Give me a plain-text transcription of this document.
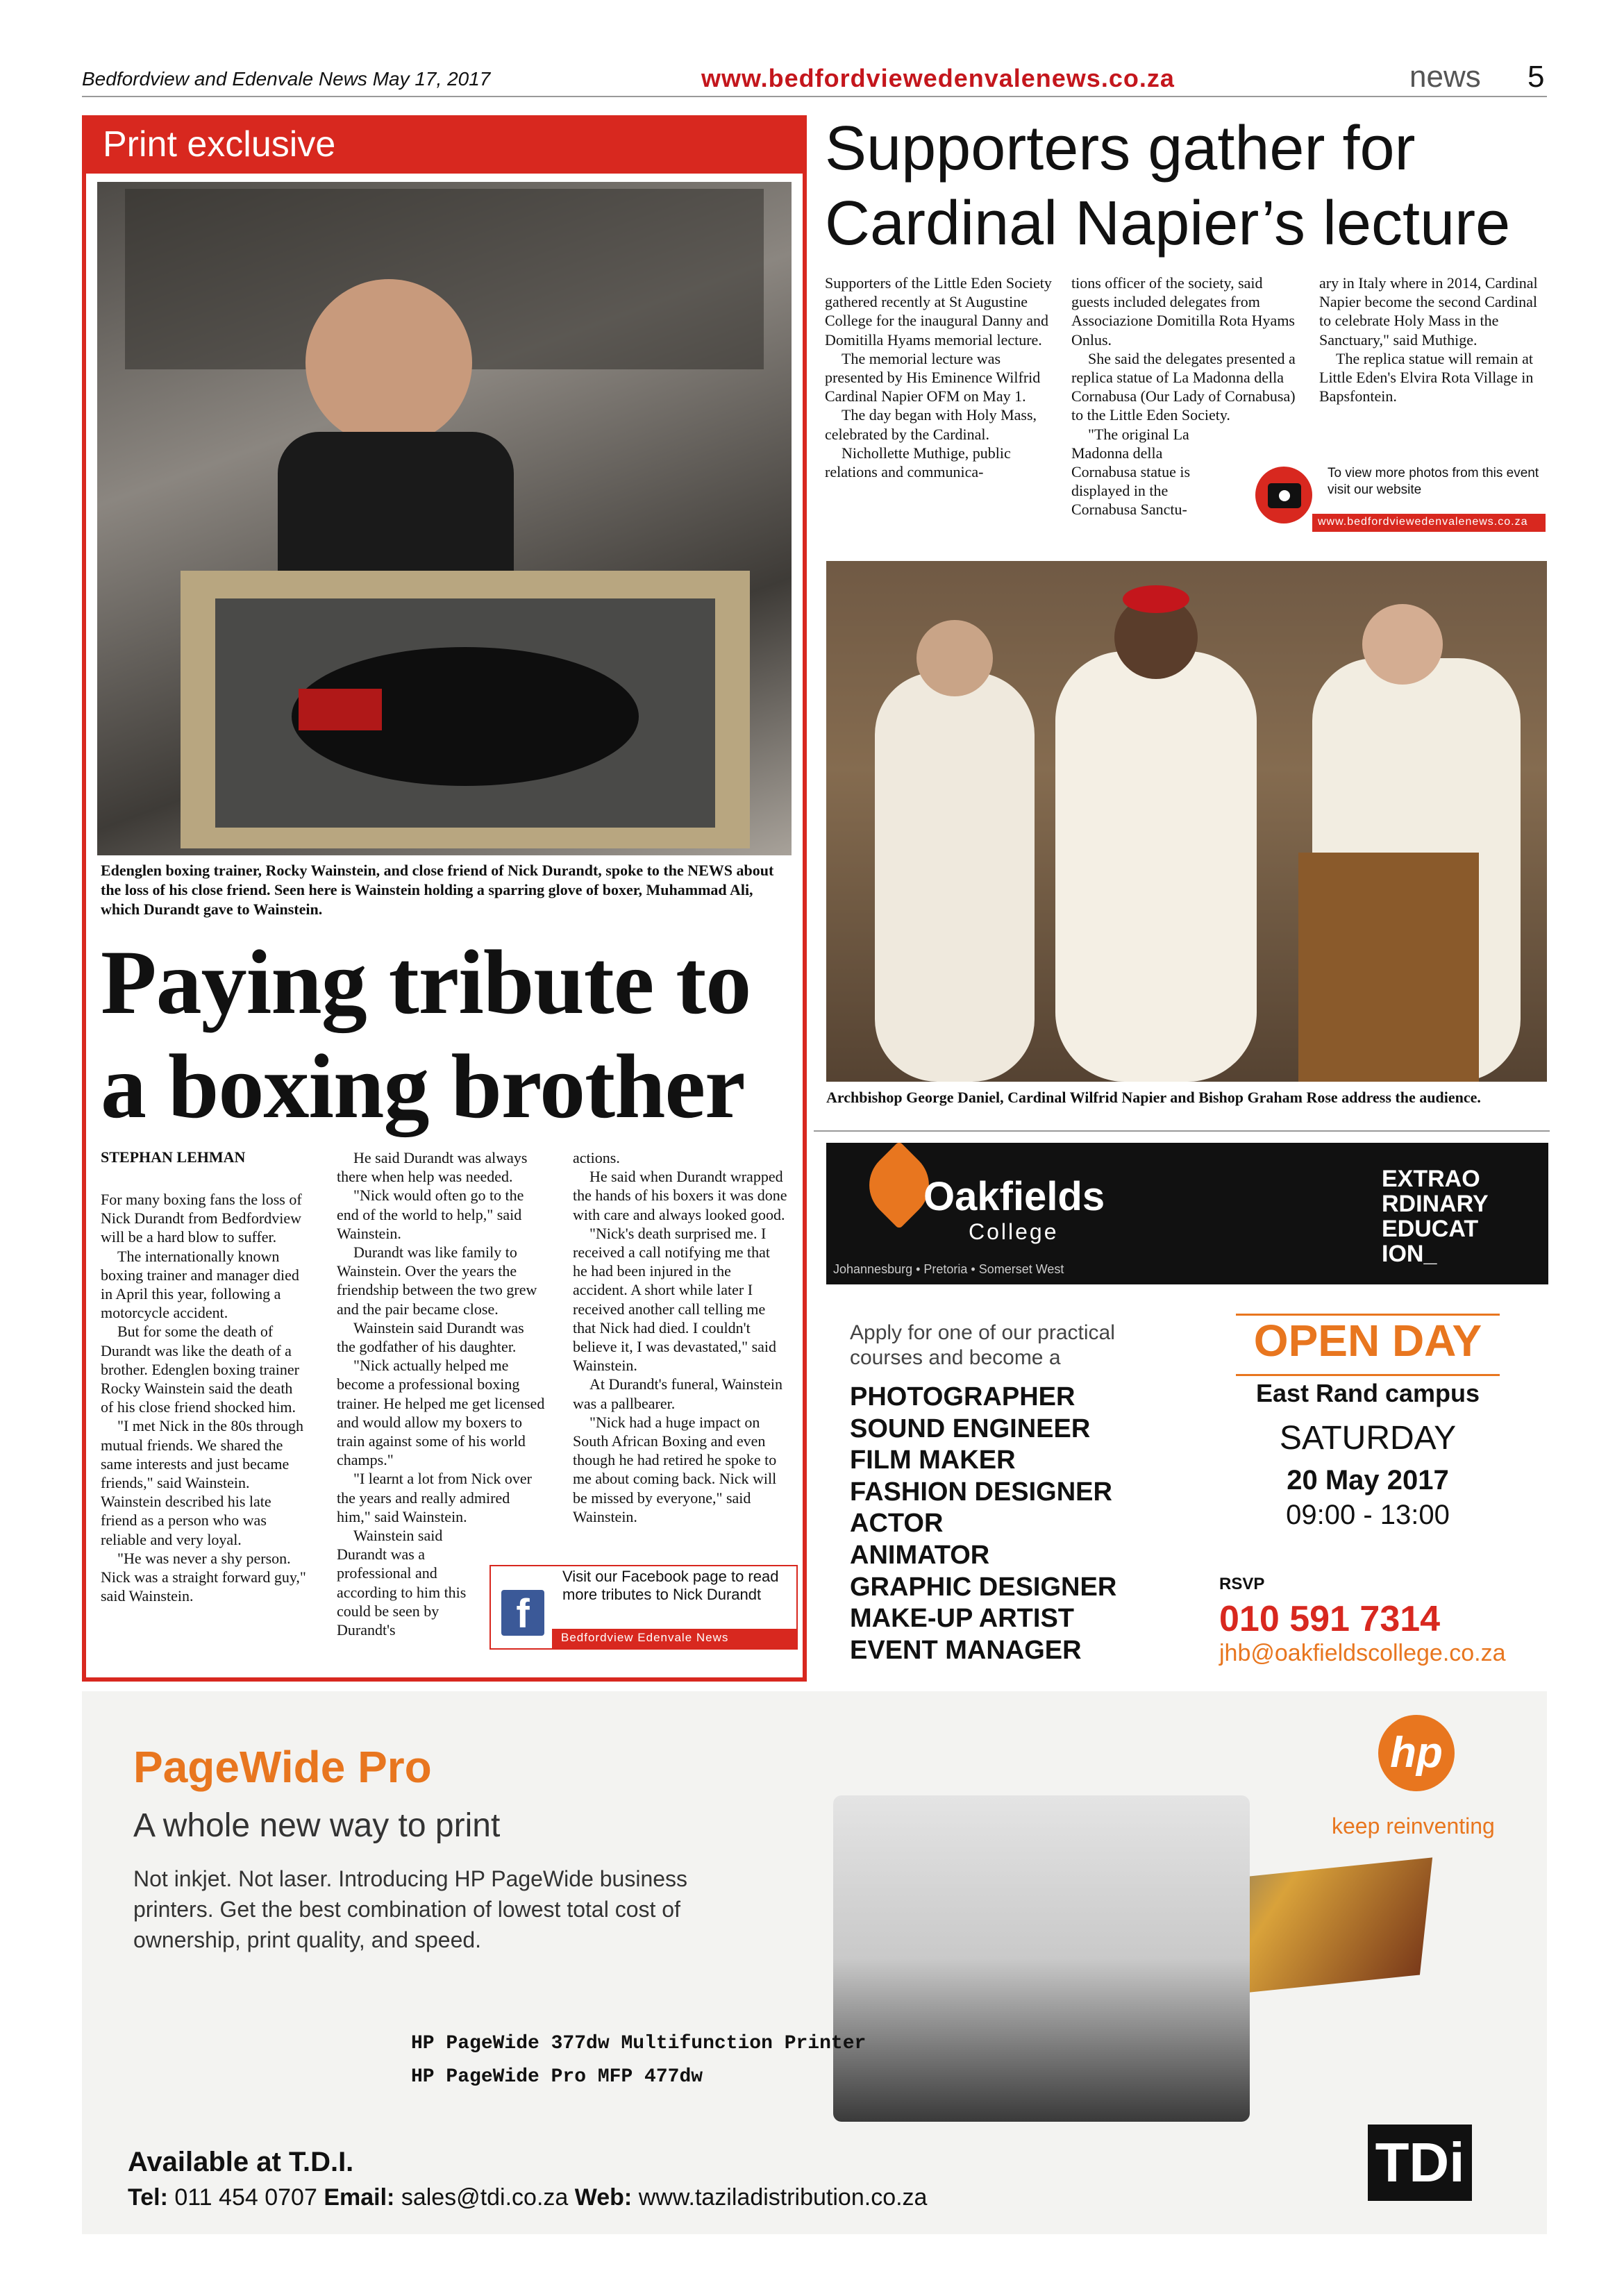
Bedfordview and Edenvale News May 17, 2017	www.bedfordviewedenvalenews.co.za	news 5
Print exclusive
Edenglen boxing trainer, Rocky Wainstein, and close friend of Nick Durandt, spoke to the NEWS about the loss of his close friend. Seen here is Wainstein holding a sparring glove of boxer, Muhammad Ali, which Durandt gave to Wainstein.
Paying tribute to a boxing brother
STEPHAN LEHMAN

For many boxing fans the loss of Nick Durandt from Bedfordview will be a hard blow to suffer.

The internationally known boxing trainer and manager died in April this year, following a motorcycle accident.

But for some the death of Durandt was like the death of a brother. Edenglen boxing trainer Rocky Wainstein said the death of his close friend shocked him.

"I met Nick in the 80s through mutual friends. We shared the same interests and just became friends," said Wainstein. Wainstein described his late friend as a person who was reliable and very loyal.

"He was never a shy person. Nick was a straight forward guy," said Wainstein.

He said Durandt was always there when help was needed.

"Nick would often go to the end of the world to help," said Wainstein.

Durandt was like family to Wainstein. Over the years the friendship between the two grew and the pair became close.

Wainstein said Durandt was the godfather of his daughter.

"Nick actually helped me become a professional boxing trainer. He helped me get licensed and would allow my boxers to train against some of his world champs."

"I learnt a lot from Nick over the years and really admired him," said Wainstein.

Wainstein said Durandt was a professional and according to him this could be seen by Durandt's

actions.

He said when Durandt wrapped the hands of his boxers it was done with care and always looked good.

"Nick's death surprised me. I received a call notifying me that he had been injured in the accident. A short while later I received another call telling me that Nick had died. I couldn't believe it, I was devastated," said Wainstein.

At Durandt's funeral, Wainstein was a pallbearer.

"Nick had a huge impact on South African Boxing and even though he had retired he spoke to me about coming back. Nick will be missed by everyone," said Wainstein.

f
Visit our Facebook page to read more tributes to Nick Durandt
Bedfordview Edenvale News
Supporters gather for Cardinal Napier’s lecture

Supporters of the Little Eden Society gathered recently at St Augustine College for the inaugural Danny and Domitilla Hyams memorial lecture.

The memorial lecture was presented by His Eminence Wilfrid Cardinal Napier OFM on May 1.

The day began with Holy Mass, celebrated by the Cardinal.

Nichollette Muthige, public relations and communica-

tions officer of the society, said guests included delegates from Associazione Domitilla Rota Hyams Onlus.

She said the delegates presented a replica statue of La Madonna della Cornabusa (Our Lady of Cornabusa) to the Little Eden Society.

"The original La Madonna della Cornabusa statue is displayed in the Cornabusa Sanctu-

ary in Italy where in 2014, Cardinal Napier become the second Cardinal to celebrate Holy Mass in the Sanctuary," said Muthige.

The replica statue will remain at Little Eden's Elvira Rota Village in Bapsfontein.

To view more photos from this event visit our website
www.bedfordviewedenvalenews.co.za
Archbishop George Daniel, Cardinal Wilfrid Napier and Bishop Graham Rose address the audience.
Oakfields
College
Johannesburg • Pretoria • Somerset West
EXTRAO
RDINARY
EDUCAT
ION_
Apply for one of our practical courses and become a
PHOTOGRAPHER
SOUND ENGINEER
FILM MAKER
FASHION DESIGNER
ACTOR
ANIMATOR
GRAPHIC DESIGNER
MAKE-UP ARTIST
EVENT MANAGER
OPEN DAY
East Rand campus
SATURDAY
20 May 2017
09:00 - 13:00
RSVP
010 591 7314
jhb@oakfieldscollege.co.za
PageWide Pro
A whole new way to print
Not inkjet. Not laser. Introducing HP PageWide business printers. Get the best combination of lowest total cost of ownership, print quality, and speed.
hp
keep reinventing
HP PageWide 377dw Multifunction Printer
HP PageWide Pro MFP 477dw
Available at T.D.I.
Tel: 011 454 0707 Email: sales@tdi.co.za Web: www.taziladistribution.co.za
TDi
